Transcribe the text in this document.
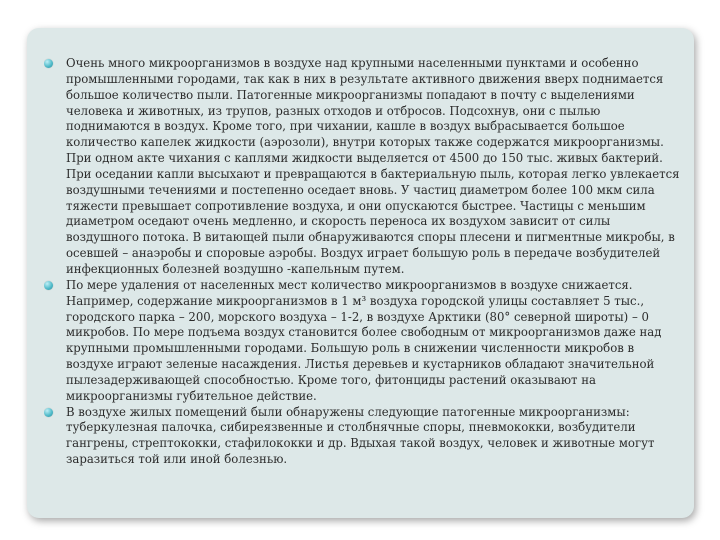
Очень много микроорганизмов в воздухе над крупными населенными пунктами и особенно промышленными городами, так как в них в результате активного движения вверх поднимается большое количество пыли. Патогенные микроорганизмы попадают в почту с выделениями человека и животных, из трупов, разных отходов и отбросов. Подсохнув, они с пылью поднимаются в воздух. Кроме того, при чихании, кашле в воздух выбрасывается большое количество капелек жидкости (аэрозоли), внутри которых также содержатся микроорганизмы. При одном акте чихания с каплями жидкости выделяется от 4500 до 150 тыс. живых бактерий. При оседании капли высыхают и превращаются в бактериальную пыль, которая легко увлекается воздушными течениями и постепенно оседает вновь. У частиц диаметром более 100 мкм сила тяжести превышает сопротивление воздуха, и они опускаются быстрее. Частицы с меньшим диаметром оседают очень медленно, и скорость переноса их воздухом зависит от силы воздушного потока. В витающей пыли обнаруживаются споры плесени и пигментные микробы, в осевшей – анаэробы и споровые аэробы. Воздух играет большую роль в передаче возбудителей инфекционных болезней воздушно -капельным путем.
По мере удаления от населенных мест количество микроорганизмов в воздухе снижается. Например, содержание микроорганизмов в 1 м³ воздуха городской улицы составляет 5 тыс., городского парка – 200, морского воздуха – 1-2, в воздухе Арктики (80° северной широты) – 0 микробов. По мере подъема воздух становится более свободным от микроорганизмов даже над крупными промышленными городами. Большую роль в снижении численности микробов в воздухе играют зеленые насаждения. Листья деревьев и кустарников обладают значительной пылезадерживающей способностью. Кроме того, фитонциды растений оказывают на микроорганизмы губительное действие.
В воздухе жилых помещений были обнаружены следующие патогенные микроорганизмы: туберкулезная палочка, сибиреязвенные и столбнячные споры, пневмококки, возбудители гангрены, стрептококки, стафилококки и др. Вдыхая такой воздух, человек и животные могут заразиться той или иной болезнью.
